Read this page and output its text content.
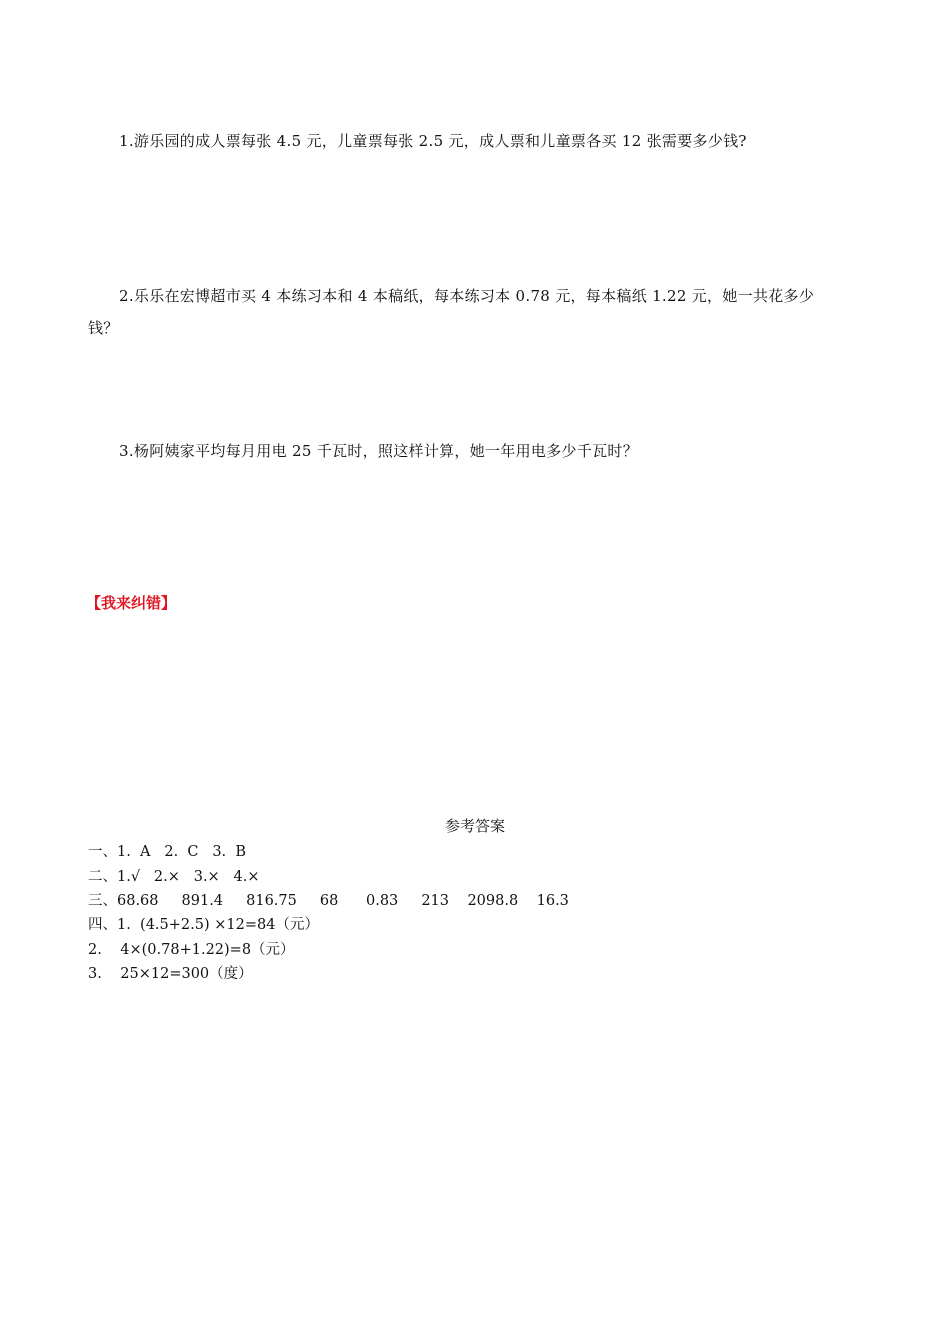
1.游乐园的成人票每张 4.5 元，儿童票每张 2.5 元，成人票和儿童票各买 12 张需要多少钱?
2.乐乐在宏博超市买 4 本练习本和 4 本稿纸，每本练习本 0.78 元，每本稿纸 1.22 元，她一共花多少
钱？
3.杨阿姨家平均每月用电 25 千瓦时，照这样计算，她一年用电多少千瓦时？
【我来纠错】
参考答案
一、1.  A   2.  C   3.  B
二、1.√   2.×   3.×   4.×
三、68.68     891.4     816.75     68      0.83     213    2098.8    16.3
四、1.  (4.5+2.5) ×12=84（元）
2.    4×(0.78+1.22)=8（元）
3.    25×12=300（度）
